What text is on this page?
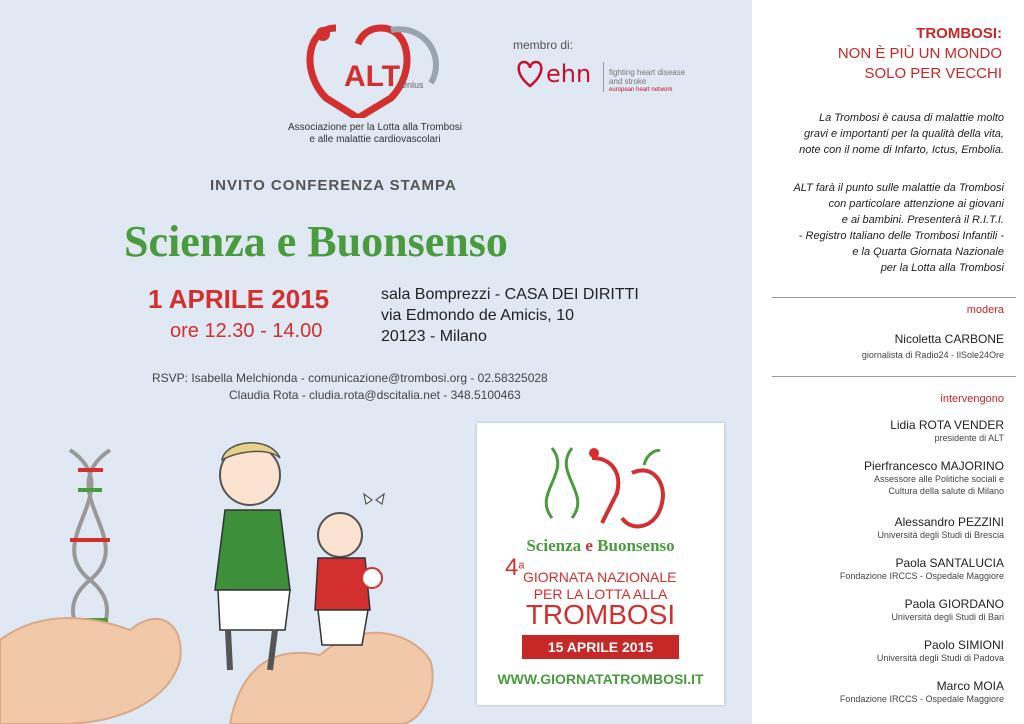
ALT Onlus
Associazione per la Lotta alla Trombosi
e alle malattie cardiovascolari
membro di:
ehn fighting heart disease
and stroke
european heart network
INVITO CONFERENZA STAMPA
Scienza e Buonsenso
1 APRILE 2015
ore 12.30 - 14.00
sala Bomprezzi - CASA DEI DIRITTI
via Edmondo de Amicis, 10
20123 - Milano
RSVP: Isabella Melchionda - comunicazione@trombosi.org - 02.58325028
Claudia Rota - cludia.rota@dscitalia.net - 348.5100463
Scienza e Buonsenso
4$^a$
GIORNATA NAZIONALE
PER LA LOTTA ALLA
TROMBOSI
15 APRILE 2015
WWW.GIORNATATROMBOSI.IT
TROMBOSI:
NON È PIÙ UN MONDO
SOLO PER VECCHI
La Trombosi è causa di malattie molto
gravi e importanti per la qualità della vita,
note con il nome di Infarto, Ictus, Embolia.
ALT farà il punto sulle malattie da Trombosi
con particolare attenzione ai giovani
e ai bambini. Presenterà il R.I.T.I.
- Registro Italiano delle Trombosi Infantili -
e la Quarta Giornata Nazionale
per la Lotta alla Trombosi
modera
Nicoletta CARBONE
giornalista di Radio24 - IlSole24Ore
intervengono
Lidia ROTA VENDER
presidente di ALT
Pierfrancesco MAJORINO
Assessore alle Politiche sociali e
Cultura della salute di Milano
Alessandro PEZZINI
Università degli Studi di Brescia
Paola SANTALUCIA
Fondazione IRCCS - Ospedale Maggiore
Paola GIORDANO
Università degli Studi di Bari
Paolo SIMIONI
Università degli Studi di Padova
Marco MOIA
Fondazione IRCCS - Ospedale Maggiore
